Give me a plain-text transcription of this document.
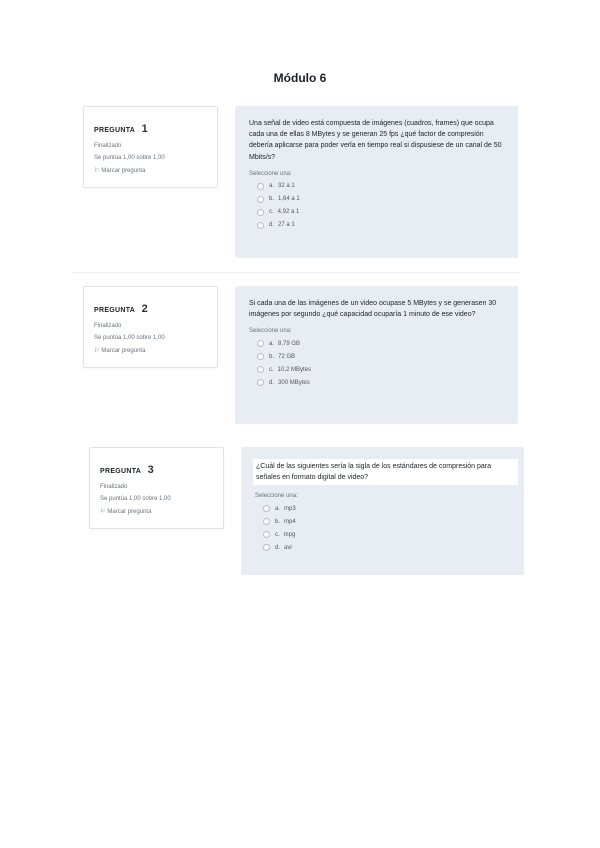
Módulo 6
PREGUNTA 1
Finalizado
Se puntúa 1,00 sobre 1,00
⚐ Marcar pregunta
Una señal de video está compuesta de imágenes (cuadros, frames) que ocupa cada una de ellas 8 MBytes y se generan 25 fps ¿qué factor de compresión debería aplicarse para poder verla en tiempo real si dispusiese de un canal de 50 Mbits/s?
Seleccione una:
a. 32 a 1
b. 1,64 a 1
c. 4,92 a 1
d. 27 a 1
PREGUNTA 2
Finalizado
Se puntúa 1,00 sobre 1,00
⚐ Marcar pregunta
Si cada una de las imágenes de un video ocupase 5 MBytes y se generasen 30 imágenes por segundo ¿qué capacidad ocuparía 1 minuto de ese video?
Seleccione una:
a. 8,79 GB
b. 72 GB
c. 10,2 MBytes
d. 300 MBytes
PREGUNTA 3
Finalizado
Se puntúa 1,00 sobre 1,00
⚐ Marcar pregunta
¿Cuál de las siguientes sería la sigla de los estándares de compresión para señales en formato digital de video?
Seleccione una:
a. mp3
b. mp4
c. mpg
d. avi
